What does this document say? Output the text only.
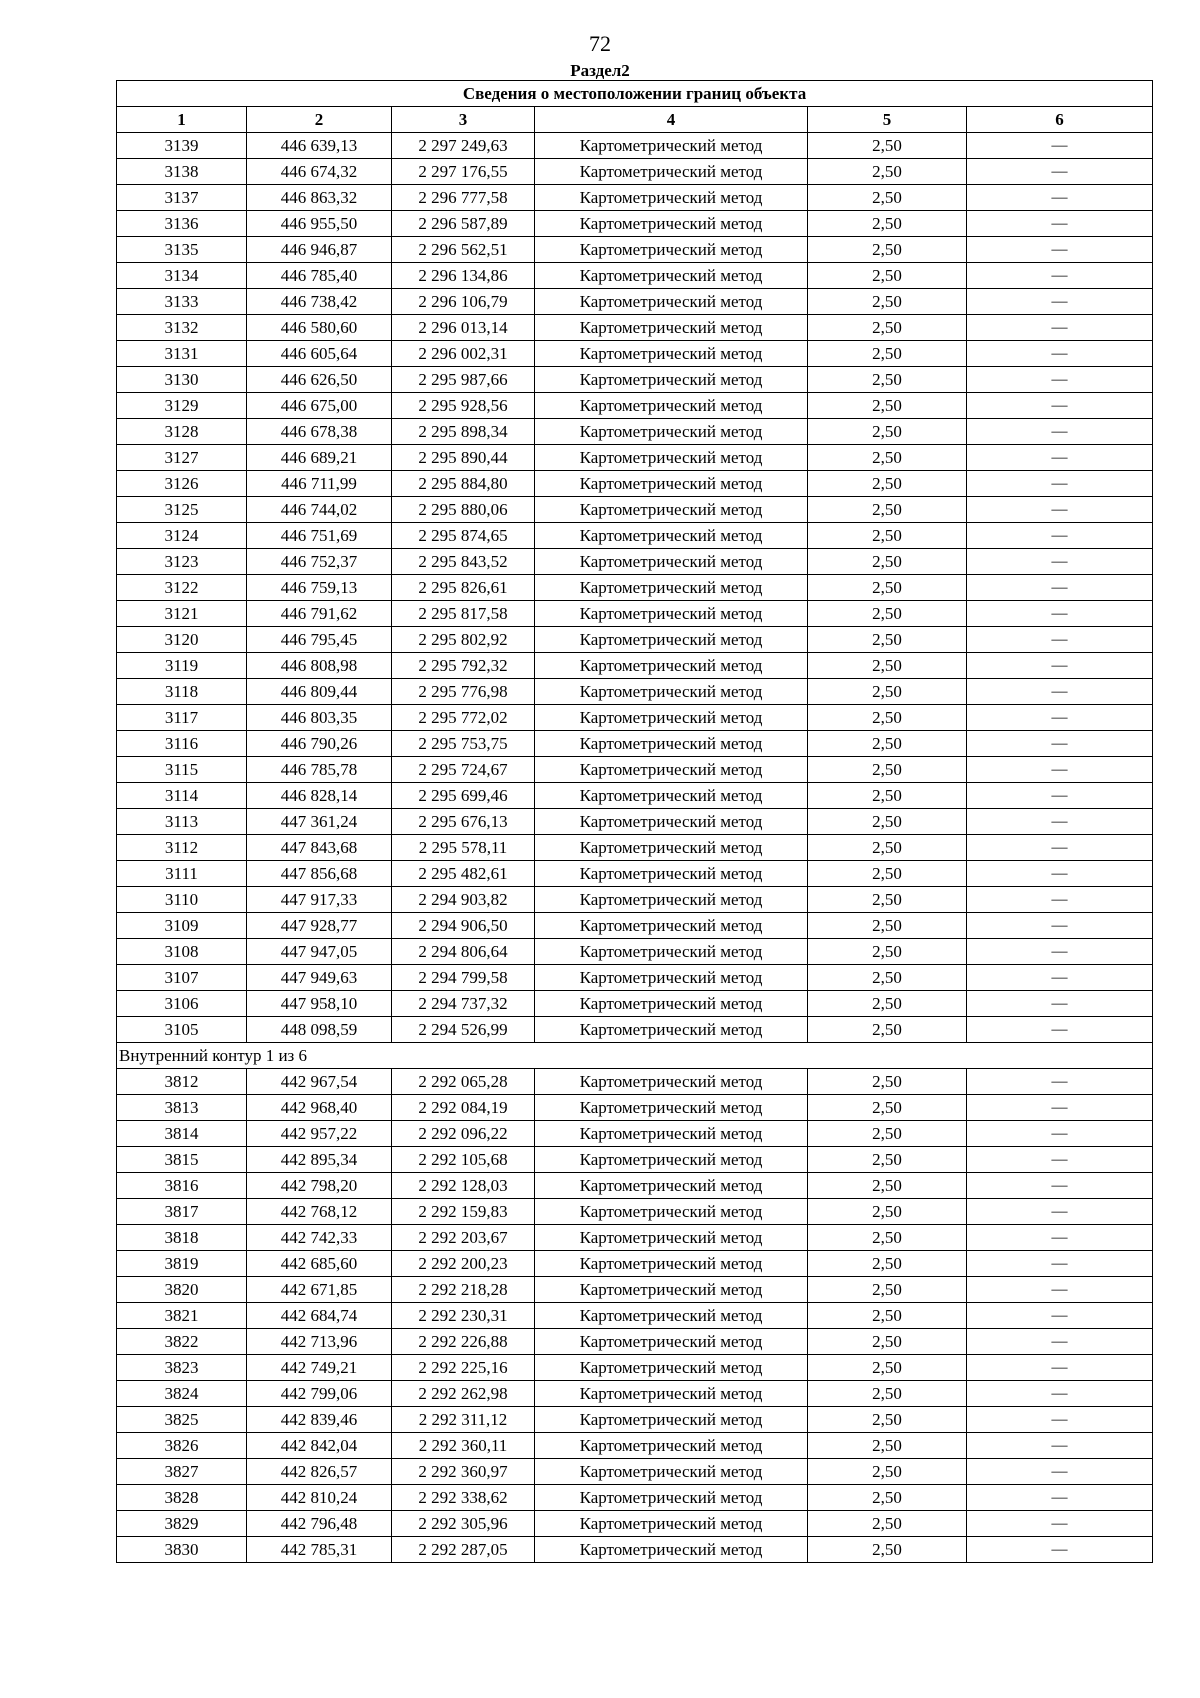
72
Раздел2
Сведения о местоположении границ объекта					
1	2	3	4	5	6
3139	446 639,13	2 297 249,63	Картометрический метод	2,50	—
3138	446 674,32	2 297 176,55	Картометрический метод	2,50	—
3137	446 863,32	2 296 777,58	Картометрический метод	2,50	—
3136	446 955,50	2 296 587,89	Картометрический метод	2,50	—
3135	446 946,87	2 296 562,51	Картометрический метод	2,50	—
3134	446 785,40	2 296 134,86	Картометрический метод	2,50	—
3133	446 738,42	2 296 106,79	Картометрический метод	2,50	—
3132	446 580,60	2 296 013,14	Картометрический метод	2,50	—
3131	446 605,64	2 296 002,31	Картометрический метод	2,50	—
3130	446 626,50	2 295 987,66	Картометрический метод	2,50	—
3129	446 675,00	2 295 928,56	Картометрический метод	2,50	—
3128	446 678,38	2 295 898,34	Картометрический метод	2,50	—
3127	446 689,21	2 295 890,44	Картометрический метод	2,50	—
3126	446 711,99	2 295 884,80	Картометрический метод	2,50	—
3125	446 744,02	2 295 880,06	Картометрический метод	2,50	—
3124	446 751,69	2 295 874,65	Картометрический метод	2,50	—
3123	446 752,37	2 295 843,52	Картометрический метод	2,50	—
3122	446 759,13	2 295 826,61	Картометрический метод	2,50	—
3121	446 791,62	2 295 817,58	Картометрический метод	2,50	—
3120	446 795,45	2 295 802,92	Картометрический метод	2,50	—
3119	446 808,98	2 295 792,32	Картометрический метод	2,50	—
3118	446 809,44	2 295 776,98	Картометрический метод	2,50	—
3117	446 803,35	2 295 772,02	Картометрический метод	2,50	—
3116	446 790,26	2 295 753,75	Картометрический метод	2,50	—
3115	446 785,78	2 295 724,67	Картометрический метод	2,50	—
3114	446 828,14	2 295 699,46	Картометрический метод	2,50	—
3113	447 361,24	2 295 676,13	Картометрический метод	2,50	—
3112	447 843,68	2 295 578,11	Картометрический метод	2,50	—
3111	447 856,68	2 295 482,61	Картометрический метод	2,50	—
3110	447 917,33	2 294 903,82	Картометрический метод	2,50	—
3109	447 928,77	2 294 906,50	Картометрический метод	2,50	—
3108	447 947,05	2 294 806,64	Картометрический метод	2,50	—
3107	447 949,63	2 294 799,58	Картометрический метод	2,50	—
3106	447 958,10	2 294 737,32	Картометрический метод	2,50	—
3105	448 098,59	2 294 526,99	Картометрический метод	2,50	—
Внутренний контур 1 из 6					
3812	442 967,54	2 292 065,28	Картометрический метод	2,50	—
3813	442 968,40	2 292 084,19	Картометрический метод	2,50	—
3814	442 957,22	2 292 096,22	Картометрический метод	2,50	—
3815	442 895,34	2 292 105,68	Картометрический метод	2,50	—
3816	442 798,20	2 292 128,03	Картометрический метод	2,50	—
3817	442 768,12	2 292 159,83	Картометрический метод	2,50	—
3818	442 742,33	2 292 203,67	Картометрический метод	2,50	—
3819	442 685,60	2 292 200,23	Картометрический метод	2,50	—
3820	442 671,85	2 292 218,28	Картометрический метод	2,50	—
3821	442 684,74	2 292 230,31	Картометрический метод	2,50	—
3822	442 713,96	2 292 226,88	Картометрический метод	2,50	—
3823	442 749,21	2 292 225,16	Картометрический метод	2,50	—
3824	442 799,06	2 292 262,98	Картометрический метод	2,50	—
3825	442 839,46	2 292 311,12	Картометрический метод	2,50	—
3826	442 842,04	2 292 360,11	Картометрический метод	2,50	—
3827	442 826,57	2 292 360,97	Картометрический метод	2,50	—
3828	442 810,24	2 292 338,62	Картометрический метод	2,50	—
3829	442 796,48	2 292 305,96	Картометрический метод	2,50	—
3830	442 785,31	2 292 287,05	Картометрический метод	2,50	—
